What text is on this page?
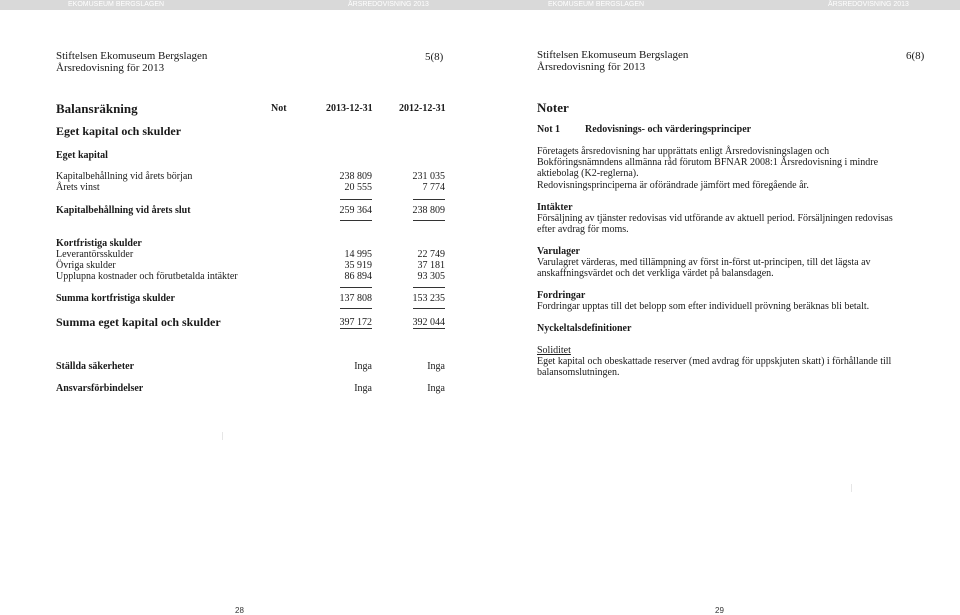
EKOMUSEUM BERGSLAGEN	ÅRSREDOVISNING 2013	EKOMUSEUM BERGSLAGEN	ÅRSREDOVISNING 2013
Stiftelsen Ekomuseum Bergslagen
Årsredovisning för 2013
5(8)	Stiftelsen Ekomuseum Bergslagen
Årsredovisning för 2013
6(8)
Balansräkning	Not	2013-12-31	2012-12-31
Eget kapital och skulder
Eget kapital
Kapitalbehållning vid årets början	238 809	231 035
Årets vinst	20 555	7 774
Kapitalbehållning vid årets slut	259 364	238 809
Kortfristiga skulder
Leverantörsskulder	14 995	22 749
Övriga skulder	35 919	37 181
Upplupna kostnader och förutbetalda intäkter	86 894	93 305
Summa kortfristiga skulder	137 808	153 235
Summa eget kapital och skulder	397 172	392 044
Ställda säkerheter	Inga	Inga
Ansvarsförbindelser	Inga	Inga
Noter
Not 1 Redovisnings- och värderingsprinciper
Företagets årsredovisning har upprättats enligt Årsredovisningslagen och Bokföringsnämndens allmänna råd förutom BFNAR 2008:1 Årsredovisning i mindre aktiebolag (K2-reglerna).
Redovisningsprinciperna är oförändrade jämfört med föregående år.
Intäkter
Försäljning av tjänster redovisas vid utförande av aktuell period. Försäljningen redovisas efter avdrag för moms.
Varulager
Varulagret värderas, med tillämpning av först in-först ut-principen, till det lägsta av anskaffningsvärdet och det verkliga värdet på balansdagen.
Fordringar
Fordringar upptas till det belopp som efter individuell prövning beräknas bli betalt.
Nyckeltalsdefinitioner
Soliditet
Eget kapital och obeskattade reserver (med avdrag för uppskjuten skatt) i förhållande till balansomslutningen.
28	29
